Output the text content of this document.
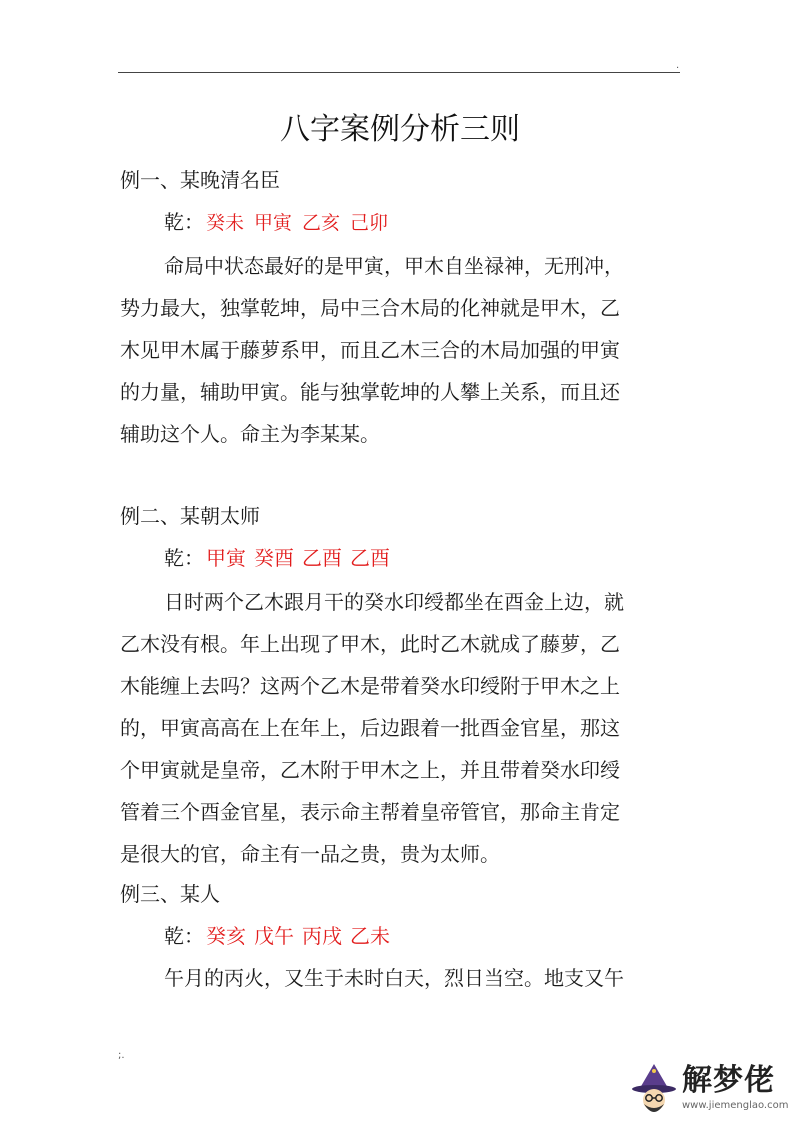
.
八字案例分析三则
例一、某晚清名臣
乾： 癸未 甲寅 乙亥 己卯
命局中状态最好的是甲寅，甲木自坐禄神，无刑冲，
势力最大，独掌乾坤，局中三合木局的化神就是甲木，乙
木见甲木属于藤萝系甲，而且乙木三合的木局加强的甲寅
的力量，辅助甲寅。能与独掌乾坤的人攀上关系，而且还
辅助这个人。命主为李某某。
例二、某朝太师
乾： 甲寅 癸酉 乙酉 乙酉
日时两个乙木跟月干的癸水印绶都坐在酉金上边，就
乙木没有根。年上出现了甲木，此时乙木就成了藤萝，乙
木能缠上去吗？这两个乙木是带着癸水印绶附于甲木之上
的，甲寅高高在上在年上，后边跟着一批酉金官星，那这
个甲寅就是皇帝，乙木附于甲木之上，并且带着癸水印绶
管着三个酉金官星，表示命主帮着皇帝管官，那命主肯定
是很大的官，命主有一品之贵，贵为太师。
例三、某人
乾： 癸亥 戊午 丙戌 乙未
午月的丙火，又生于未时白天，烈日当空。地支又午
;.
解梦佬
www.jiemenglao.com
